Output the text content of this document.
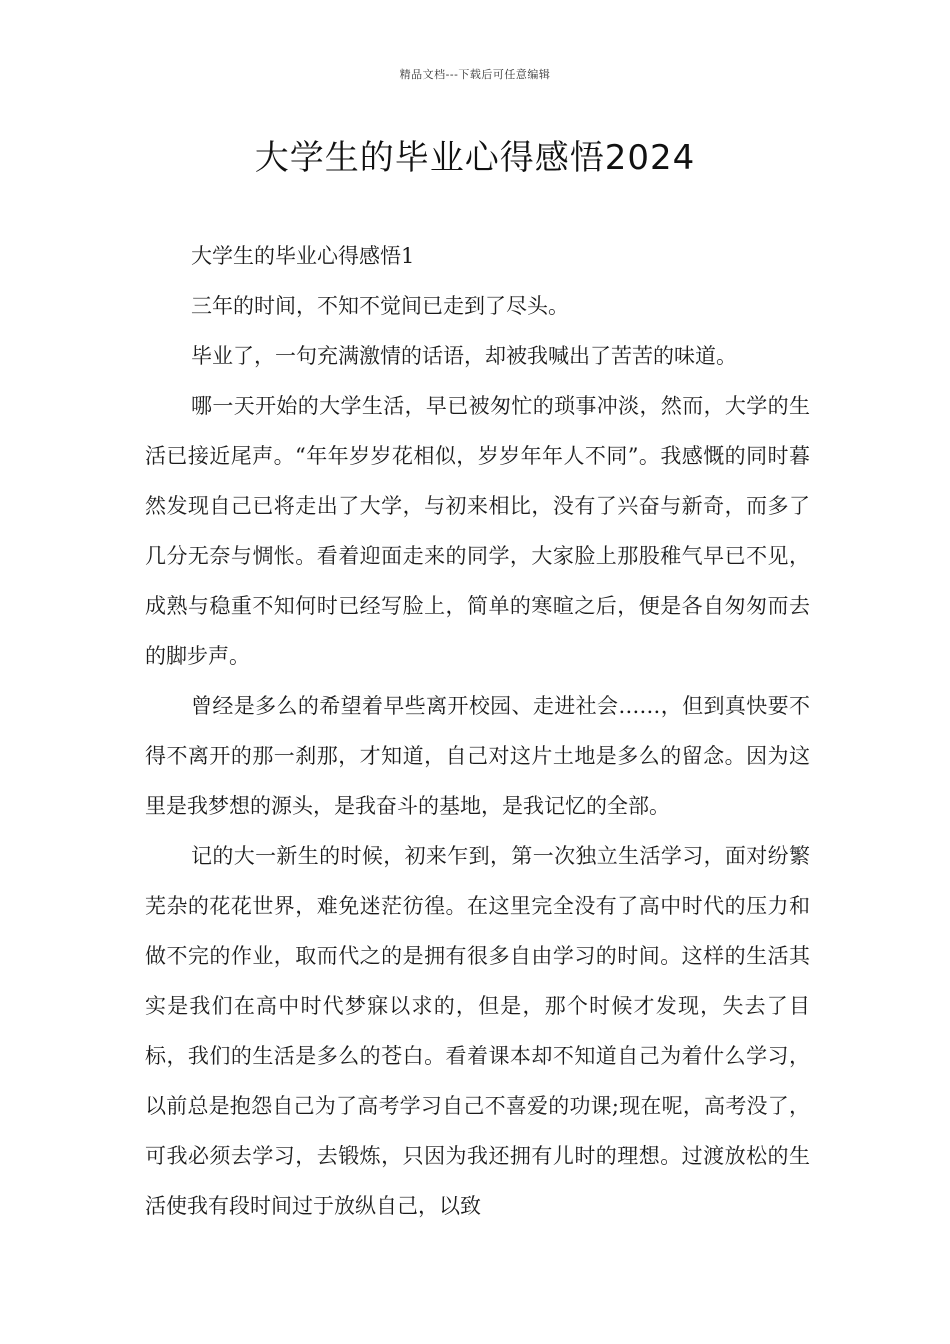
精品文档---下载后可任意编辑
大学生的毕业心得感悟2024

大学生的毕业心得感悟1

三年的时间，不知不觉间已走到了尽头。

毕业了，一句充满激情的话语，却被我喊出了苦苦的味道。

哪一天开始的大学生活，早已被匆忙的琐事冲淡，然而，大学的生活已接近尾声。“年年岁岁花相似，岁岁年年人不同”。我感慨的同时暮然发现自己已将走出了大学，与初来相比，没有了兴奋与新奇，而多了几分无奈与惆怅。看着迎面走来的同学，大家脸上那股稚气早已不见，成熟与稳重不知何时已经写脸上，简单的寒暄之后，便是各自匆匆而去的脚步声。

曾经是多么的希望着早些离开校园、走进社会……，但到真快要不得不离开的那一刹那，才知道，自己对这片土地是多么的留念。因为这里是我梦想的源头，是我奋斗的基地，是我记忆的全部。

记的大一新生的时候，初来乍到，第一次独立生活学习，面对纷繁芜杂的花花世界，难免迷茫彷徨。在这里完全没有了高中时代的压力和做不完的作业，取而代之的是拥有很多自由学习的时间。这样的生活其实是我们在高中时代梦寐以求的，但是，那个时候才发现，失去了目标，我们的生活是多么的苍白。看着课本却不知道自己为着什么学习，以前总是抱怨自己为了高考学习自己不喜爱的功课;现在呢，高考没了，可我必须去学习，去锻炼，只因为我还拥有儿时的理想。过渡放松的生活使我有段时间过于放纵自己，以致
